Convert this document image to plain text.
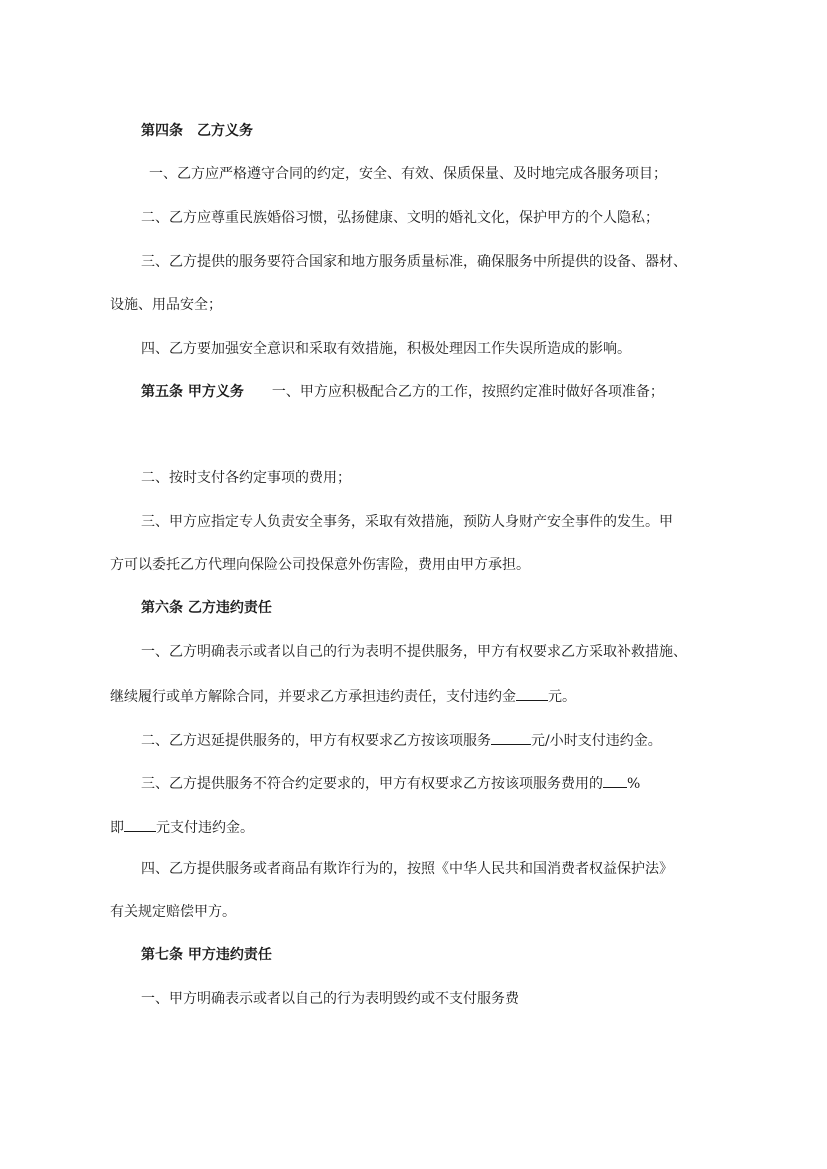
第四条　乙方义务
一、乙方应严格遵守合同的约定，安全、有效、保质保量、及时地完成各服务项目；
二、乙方应尊重民族婚俗习惯，弘扬健康、文明的婚礼文化，保护甲方的个人隐私；
三、乙方提供的服务要符合国家和地方服务质量标准，确保服务中所提供的设备、器材、
设施、用品安全；
四、乙方要加强安全意识和采取有效措施，积极处理因工作失误所造成的影响。
第五条 甲方义务 一、甲方应积极配合乙方的工作，按照约定准时做好各项准备；
二、按时支付各约定事项的费用；
三、甲方应指定专人负责安全事务，采取有效措施，预防人身财产安全事件的发生。甲
方可以委托乙方代理向保险公司投保意外伤害险，费用由甲方承担。
第六条 乙方违约责任
一、乙方明确表示或者以自己的行为表明不提供服务，甲方有权要求乙方采取补救措施、
继续履行或单方解除合同，并要求乙方承担违约责任，支付违约金 元。
二、乙方迟延提供服务的，甲方有权要求乙方按该项服务	元/小时支付违约金。
三、乙方提供服务不符合约定要求的，甲方有权要求乙方按该项服务费用的 %
即 元支付违约金。
四、乙方提供服务或者商品有欺诈行为的，按照《中华人民共和国消费者权益保护法》
有关规定赔偿甲方。
第七条 甲方违约责任
一、甲方明确表示或者以自己的行为表明毁约或不支付服务费
